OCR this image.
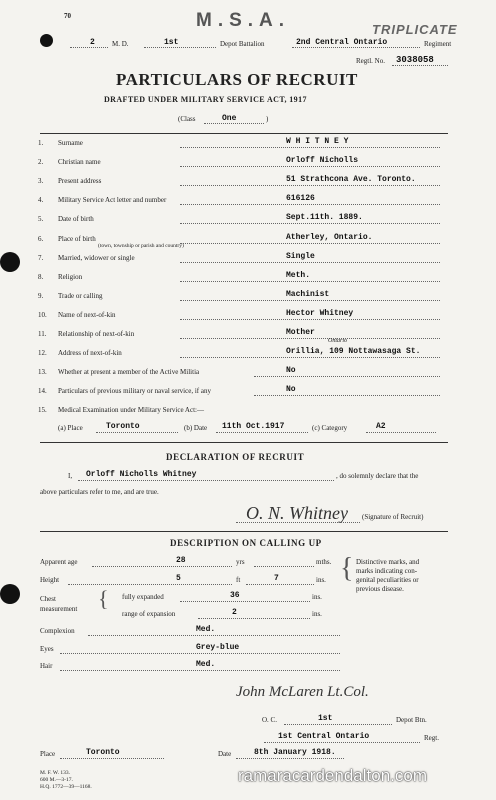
70	M.S.A.	TRIPLICATE
2 M. D.	1st	Depot Battalion	2nd Central Ontario	Regiment
Regtl. No. 3038058
PARTICULARS OF RECRUIT
DRAFTED UNDER MILITARY SERVICE ACT, 1917
(Class	One	)
1. Surname	W H I T N E Y
2. Christian name	Orloff Nicholls
3. Present address	51 Strathcona Ave. Toronto.
4. Military Service Act letter and number	616126
5. Date of birth	Sept.11th. 1889.
6. Place of birth	Atherley, Ontario.
7. Married, widower or single	Single
8. Religion	Meth.
9. Trade or calling	Machinist
10. Name of next-of-kin	Hector Whitney
11. Relationship of next-of-kin	Mother
12. Address of next-of-kin	Orillia, 109 Nottawasaga St.
13. Whether at present a member of the Active Militia	No
14. Particulars of previous military or naval service, if any	No
15. Medical Examination under Military Service Act:—
(town, township or parish and country)
Ontario
(a) Place	Toronto	(b) Date 11th Oct.1917	(c) Category	A2
DECLARATION OF RECRUIT
I, Orloff Nicholls Whitney	, do solemnly declare that the
above particulars refer to me, and are true.
O. N. Whitney (Signature of Recruit)
DESCRIPTION ON CALLING UP
Apparent age	28	yrs	mths.
Height	5	ft	7	ins.
Chest
measurement { fully expanded	36	ins.
range of expansion	2	ins.
Complexion	Med.
Eyes	Grey-blue
Hair	Med.
{ Distinctive marks, and
marks indicating con-
genital peculiarities or
previous disease.
John McLaren Lt.Col.
O. C.	1st	Depot Btn.
1st Central Ontario	Regt.
Place	Toronto	Date	8th January 1918.
M. F. W. 133.
600 M.—3-17.
H.Q. 1772—39—1168.
ramaracardendalton.com
